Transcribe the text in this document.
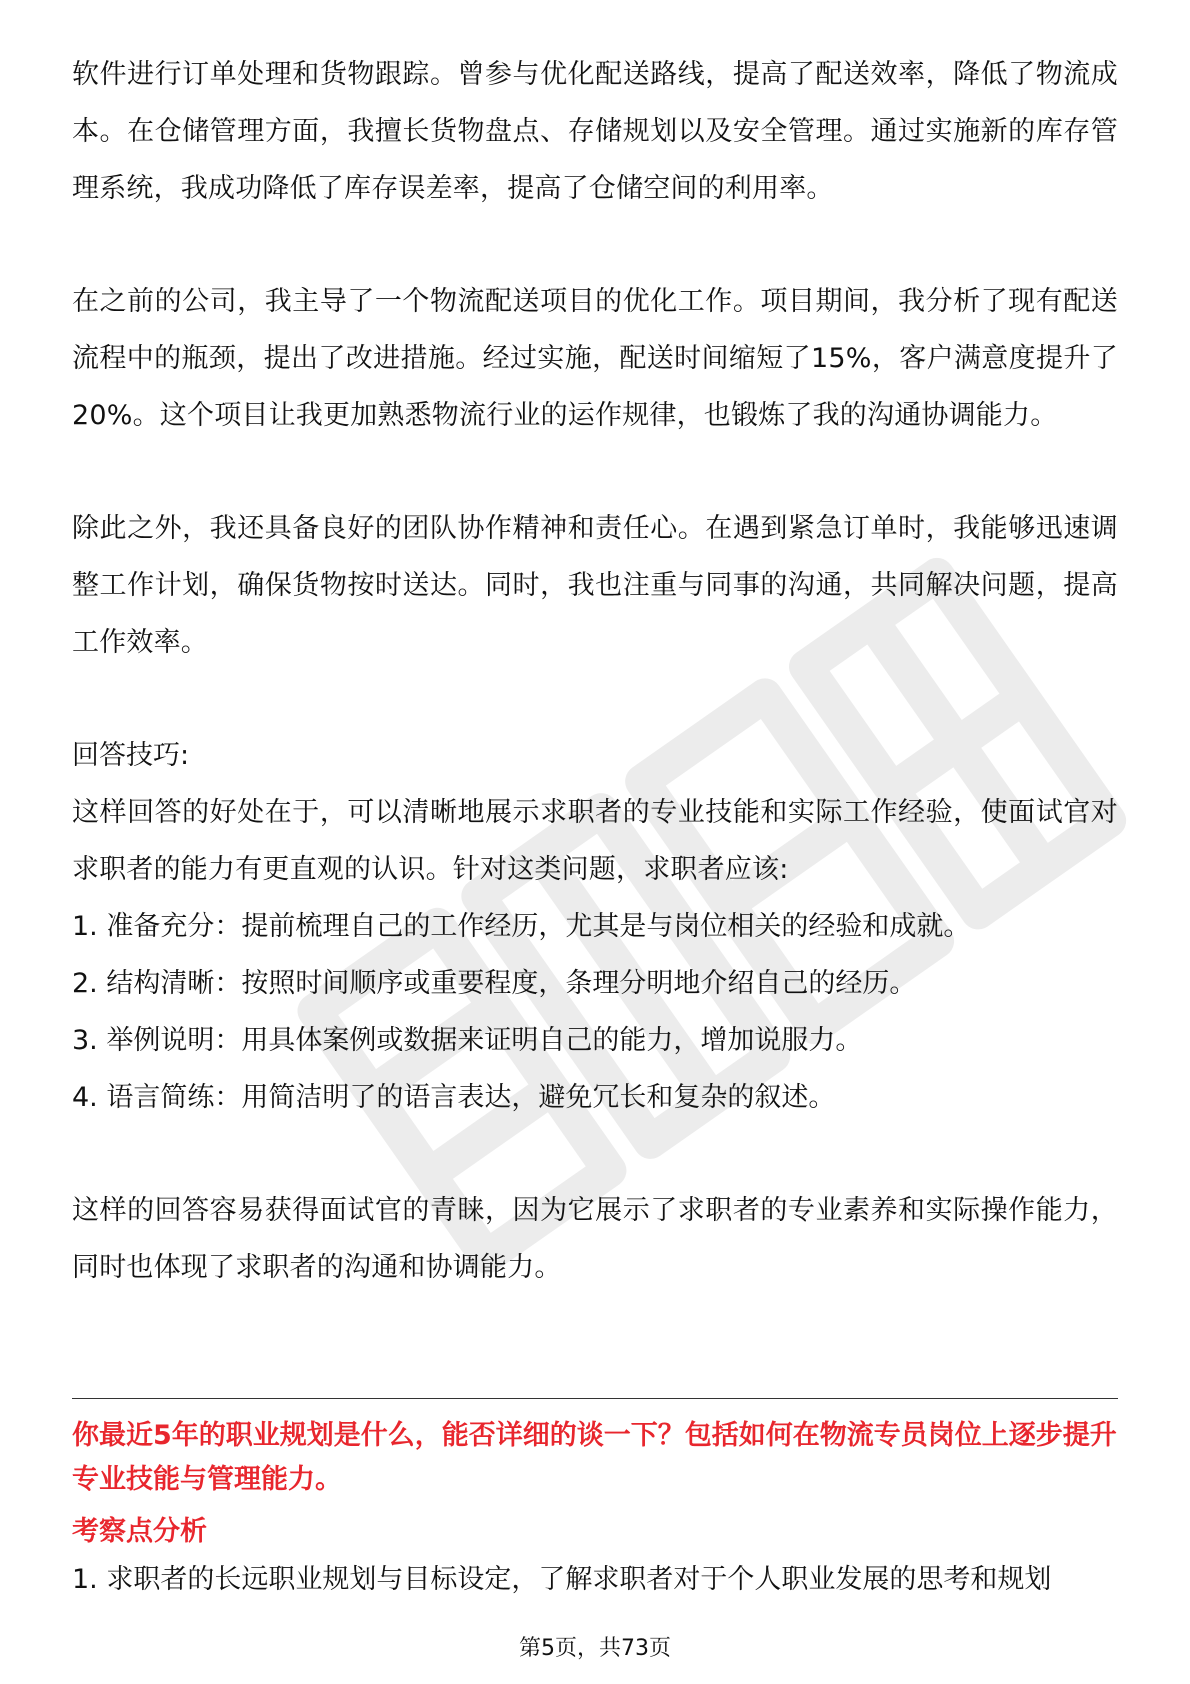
软件进行订单处理和货物跟踪。曾参与优化配送路线，提高了配送效率，降低了物流成本。在仓储管理方面，我擅长货物盘点、存储规划以及安全管理。通过实施新的库存管理系统，我成功降低了库存误差率，提高了仓储空间的利用率。

在之前的公司，我主导了一个物流配送项目的优化工作。项目期间，我分析了现有配送流程中的瓶颈，提出了改进措施。经过实施，配送时间缩短了15%，客户满意度提升了20%。这个项目让我更加熟悉物流行业的运作规律，也锻炼了我的沟通协调能力。

除此之外，我还具备良好的团队协作精神和责任心。在遇到紧急订单时，我能够迅速调整工作计划，确保货物按时送达。同时，我也注重与同事的沟通，共同解决问题，提高工作效率。

回答技巧:

这样回答的好处在于，可以清晰地展示求职者的专业技能和实际工作经验，使面试官对求职者的能力有更直观的认识。针对这类问题，求职者应该:

1. 准备充分：提前梳理自己的工作经历，尤其是与岗位相关的经验和成就。

2. 结构清晰：按照时间顺序或重要程度，条理分明地介绍自己的经历。

3. 举例说明：用具体案例或数据来证明自己的能力，增加说服力。

4. 语言简练：用简洁明了的语言表达，避免冗长和复杂的叙述。

这样的回答容易获得面试官的青睐，因为它展示了求职者的专业素养和实际操作能力，同时也体现了求职者的沟通和协调能力。

你最近5年的职业规划是什么，能否详细的谈一下？包括如何在物流专员岗位上逐步提升专业技能与管理能力。

考察点分析

1. 求职者的长远职业规划与目标设定，了解求职者对于个人职业发展的思考和规划

第5页，共73页
